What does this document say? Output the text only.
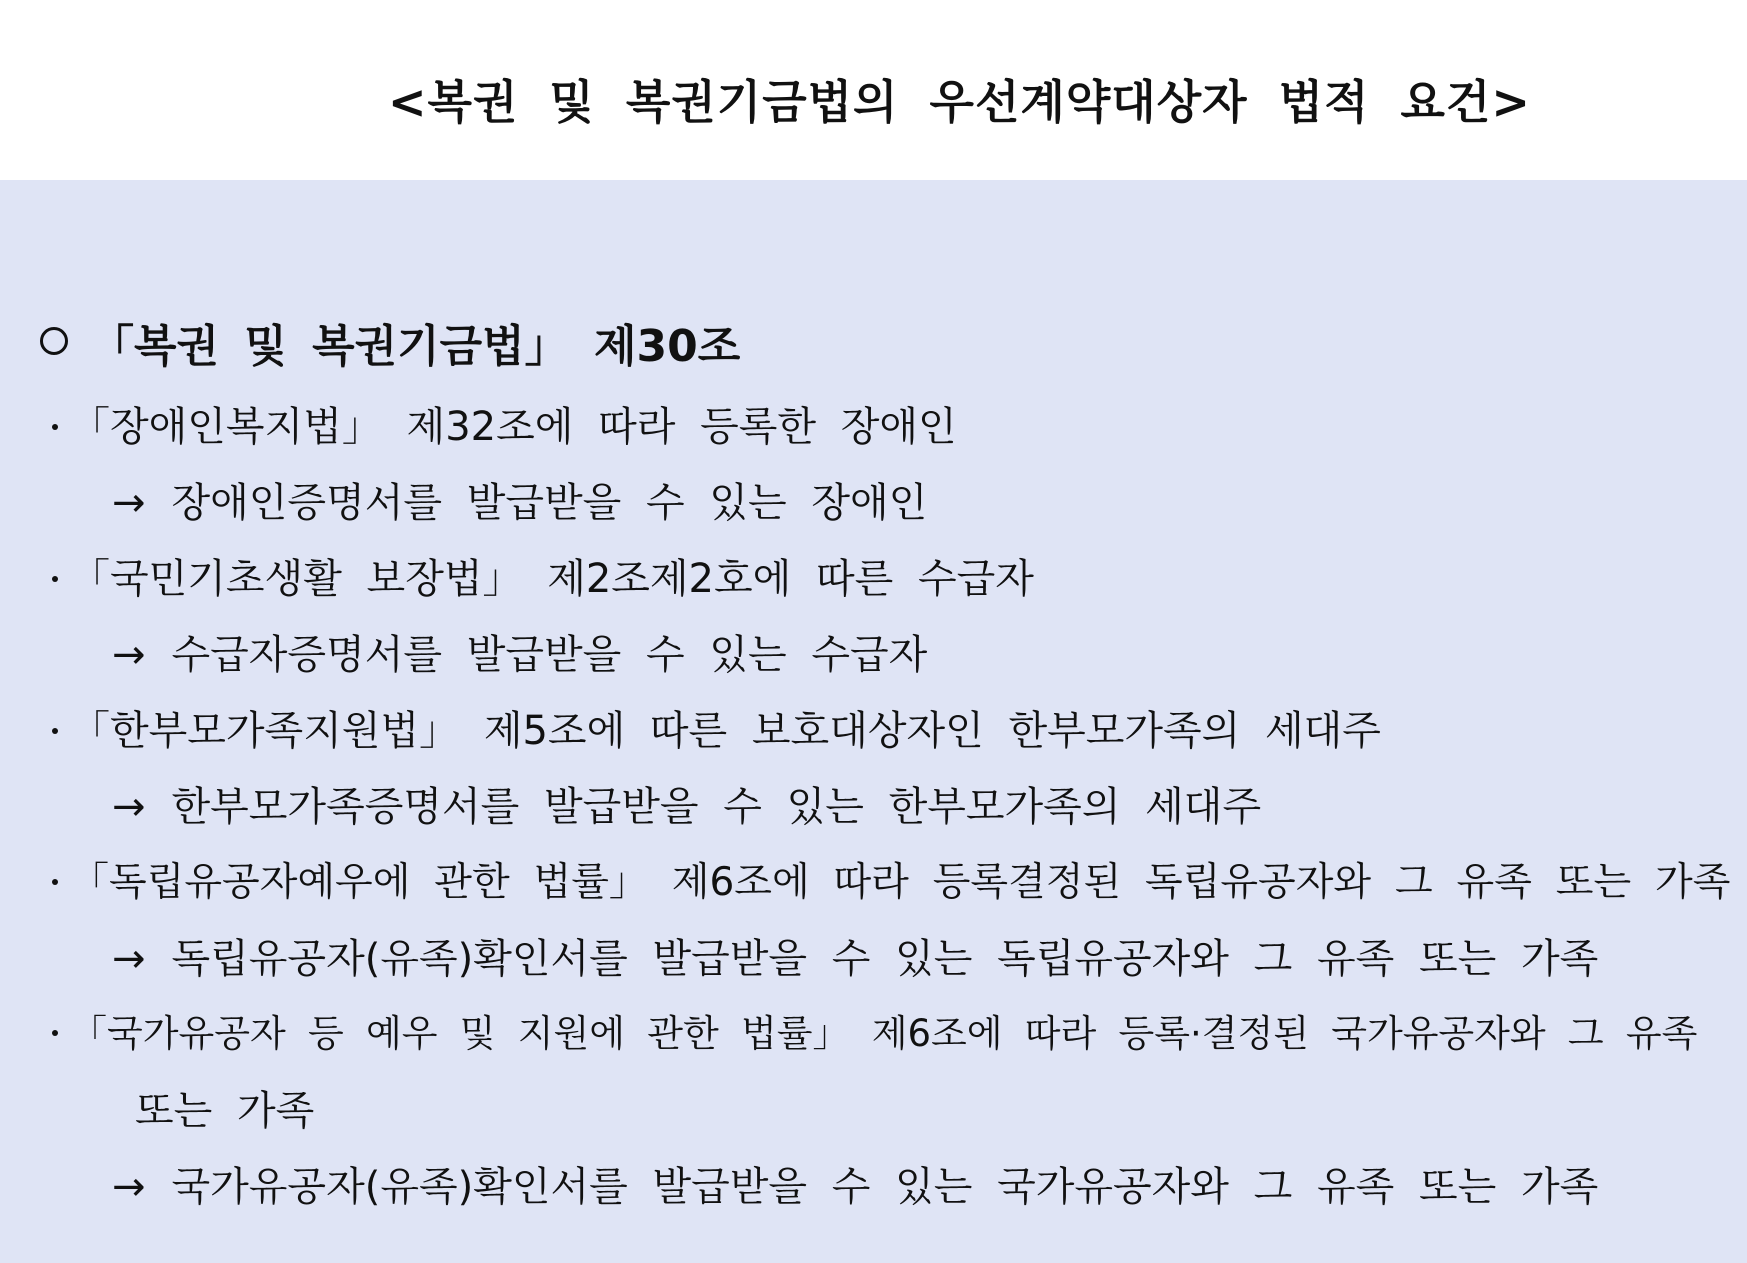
<복권 및 복권기금법의 우선계약대상자 법적 요건>
「복권 및 복권기금법」 제30조
「장애인복지법」 제32조에 따라 등록한 장애인
→ 장애인증명서를 발급받을 수 있는 장애인
「국민기초생활 보장법」 제2조제2호에 따른 수급자
→ 수급자증명서를 발급받을 수 있는 수급자
「한부모가족지원법」 제5조에 따른 보호대상자인 한부모가족의 세대주
→ 한부모가족증명서를 발급받을 수 있는 한부모가족의 세대주
「독립유공자예우에 관한 법률」 제6조에 따라 등록결정된 독립유공자와 그 유족 또는 가족
→ 독립유공자(유족)확인서를 발급받을 수 있는 독립유공자와 그 유족 또는 가족
「국가유공자 등 예우 및 지원에 관한 법률」 제6조에 따라 등록·결정된 국가유공자와 그 유족
또는 가족
→ 국가유공자(유족)확인서를 발급받을 수 있는 국가유공자와 그 유족 또는 가족
